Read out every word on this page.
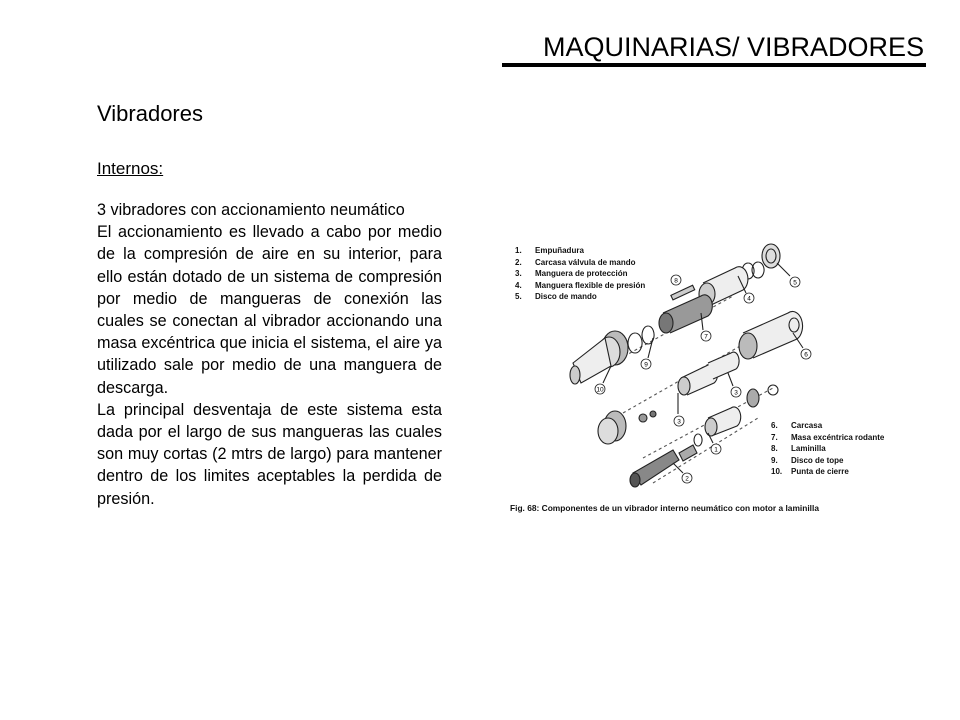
MAQUINARIAS/ VIBRADORES
Vibradores
Internos:

3 vibradores con accionamiento neumático

El accionamiento es llevado a cabo por medio de la compresión de aire en su interior, para ello están dotado de un sistema de compresión por medio de mangueras de conexión las cuales se conectan al vibrador accionando una masa excéntrica que inicia el sistema, el aire ya utilizado sale por medio de una manguera de descarga.

La principal desventaja de este sistema esta dada por el largo de sus mangueras las cuales son muy cortas (2 mtrs de largo) para mantener dentro de los limites aceptables la perdida de presión.

5
4
7
9
10
6
3
3
1
2
8
1.	Empuñadura
2.	Carcasa válvula de mando
3.	Manguera de protección
4.	Manguera flexible de presión
5.	Disco de mando
6.	Carcasa
7.	Masa excéntrica rodante
8.	Laminilla
9.	Disco de tope
10.	Punta de cierre
Fig. 68: Componentes de un vibrador interno neumático con motor a laminilla
